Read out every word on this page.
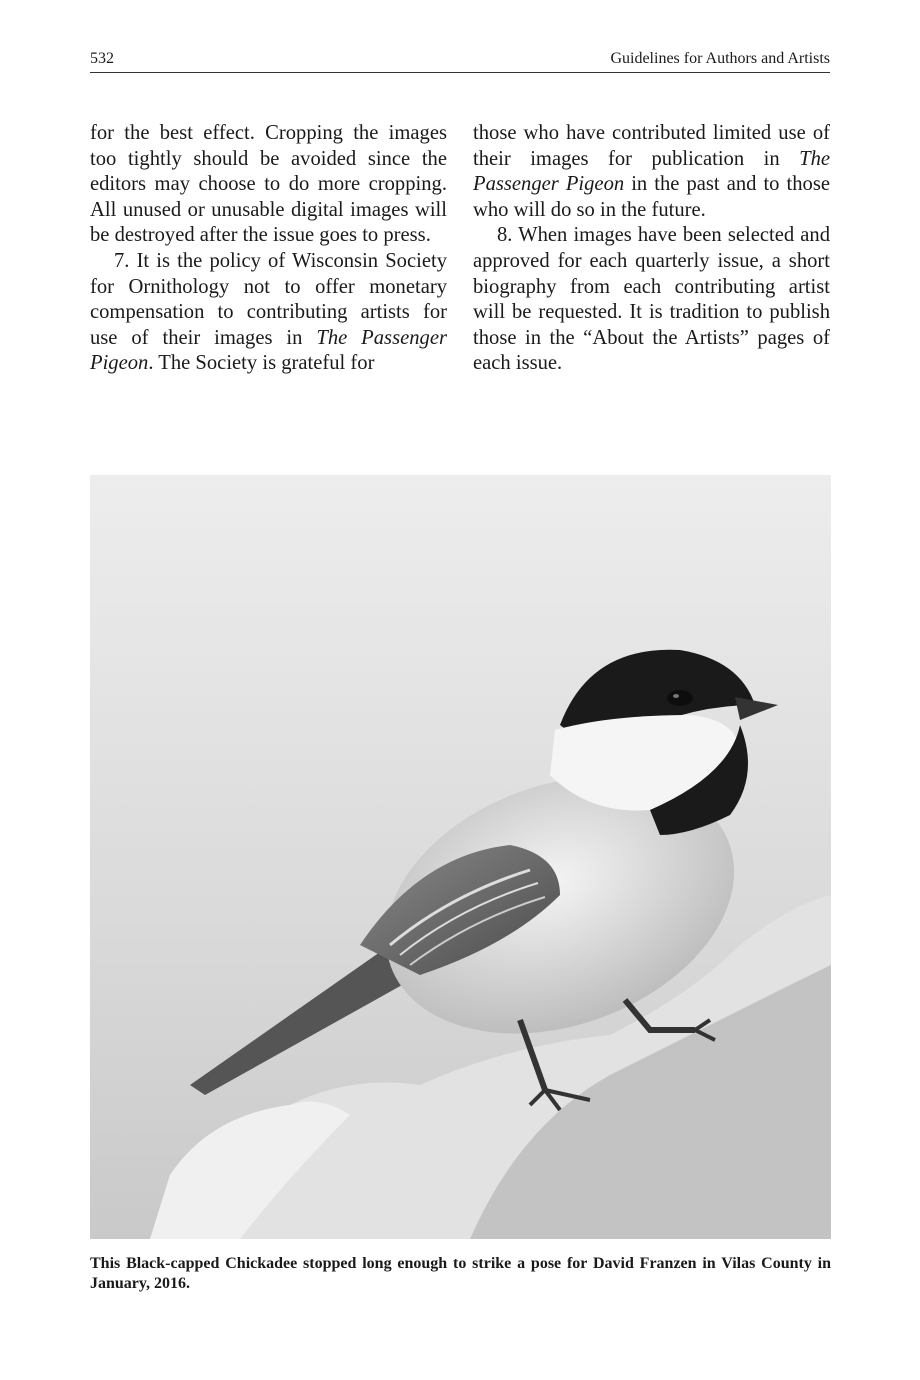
532	Guidelines for Authors and Artists

for the best effect. Cropping the images too tightly should be avoided since the editors may choose to do more cropping. All unused or unusable digital images will be destroyed after the issue goes to press.

7. It is the policy of Wisconsin Society for Ornithology not to offer monetary compensation to contributing artists for use of their images in The Passenger Pigeon. The Society is grateful for

those who have contributed limited use of their images for publication in The Passenger Pigeon in the past and to those who will do so in the future.

8. When images have been selected and approved for each quarterly issue, a short biography from each contributing artist will be requested. It is tradition to publish those in the “About the Artists” pages of each issue.

This Black-capped Chickadee stopped long enough to strike a pose for David Franzen in Vilas County in January, 2016.
